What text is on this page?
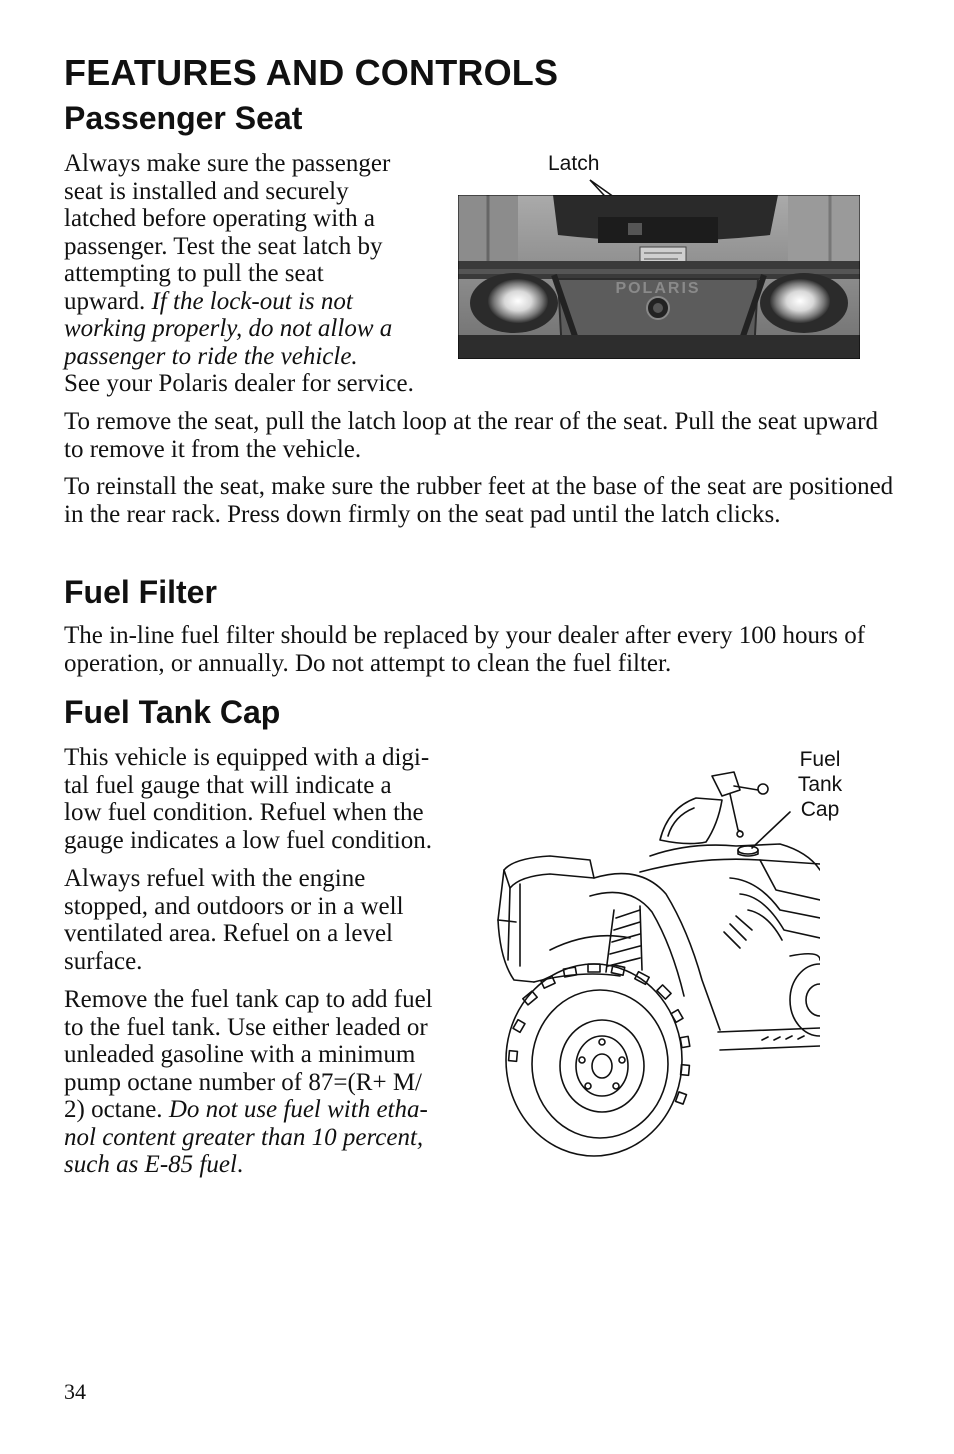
FEATURES AND CONTROLS
Passenger Seat
Always make sure the passenger
seat is installed and securely
latched before operating with a
passenger. Test the seat latch by
attempting to pull the seat
upward. If the lock-out is not
working properly, do not allow a
passenger to ride the vehicle.
See your Polaris dealer for service.
Latch
POLARIS
To remove the seat, pull the latch loop at the rear of the seat. Pull the seat upward to remove it from the vehicle.
To reinstall the seat, make sure the rubber feet at the base of the seat are positioned in the rear rack. Press down firmly on the seat pad until the latch clicks.
Fuel Filter
The in-line fuel filter should be replaced by your dealer after every 100 hours of operation, or annually. Do not attempt to clean the fuel filter.
Fuel Tank Cap
This vehicle is equipped with a digi-
tal fuel gauge that will indicate a
low fuel condition. Refuel when the
gauge indicates a low fuel condition.
Always refuel with the engine
stopped, and outdoors or in a well
ventilated area. Refuel on a level
surface.
Remove the fuel tank cap to add fuel
to the fuel tank. Use either leaded or
unleaded gasoline with a minimum
pump octane number of 87=(R+ M/
2) octane. Do not use fuel with etha-
nol content greater than 10 percent,
such as E-85 fuel.
Fuel
Tank
Cap
34
